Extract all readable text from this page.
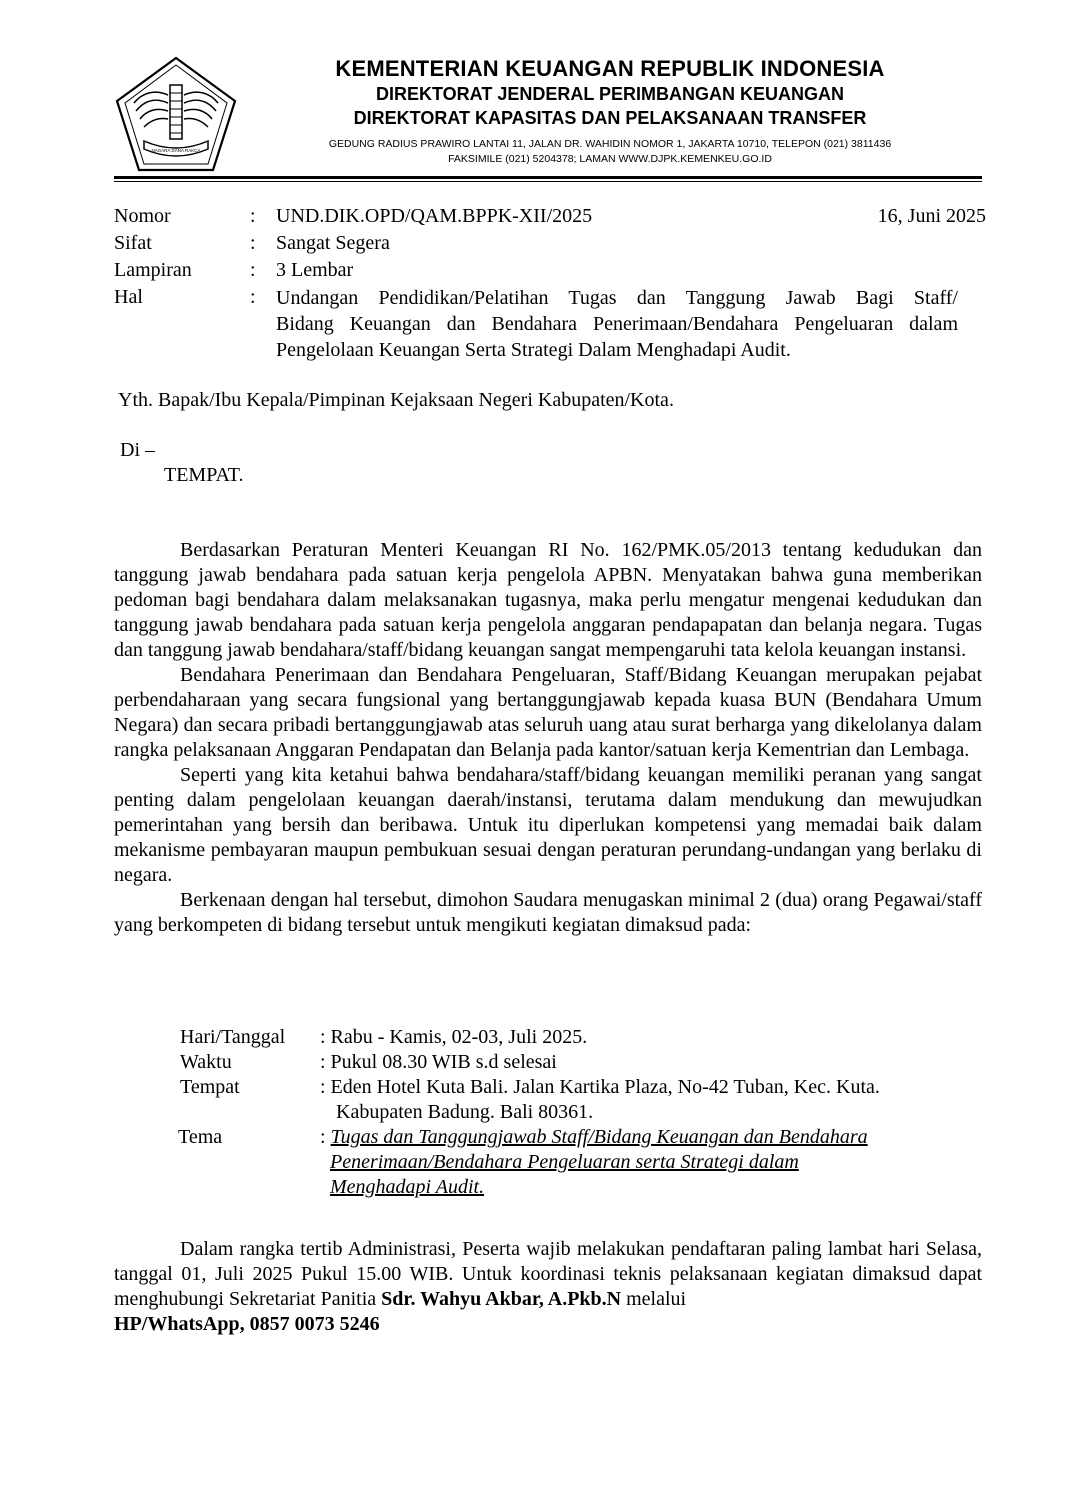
NAGARA DANA RAKCA
KEMENTERIAN KEUANGAN REPUBLIK INDONESIA
DIREKTORAT JENDERAL PERIMBANGAN KEUANGAN
DIREKTORAT KAPASITAS DAN PELAKSANAAN TRANSFER
GEDUNG RADIUS PRAWIRO LANTAI 11, JALAN DR. WAHIDIN NOMOR 1, JAKARTA 10710, TELEPON (021) 3811436
FAKSIMILE (021) 5204378; LAMAN WWW.DJPK.KEMENKEU.GO.ID
Nomor	: UND.DIK.OPD/QAM.BPPK-XII/2025	16, Juni 2025
Sifat	: Sangat Segera
Lampiran	: 3 Lembar
Hal	: Undangan Pendidikan/Pelatihan Tugas dan Tanggung Jawab Bagi Staff/
Bidang Keuangan dan Bendahara Penerimaan/Bendahara Pengeluaran dalam
Pengelolaan Keuangan Serta Strategi Dalam Menghadapi Audit.
Yth. Bapak/Ibu Kepala/Pimpinan Kejaksaan Negeri Kabupaten/Kota.
Di –
TEMPAT.

Berdasarkan Peraturan Menteri Keuangan RI No. 162/PMK.05/2013 tentang kedudukan dan tanggung jawab bendahara pada satuan kerja pengelola APBN. Menyatakan bahwa guna memberikan pedoman bagi bendahara dalam melaksanakan tugasnya, maka perlu mengatur mengenai kedudukan dan tanggung jawab bendahara pada satuan kerja pengelola anggaran pendapapatan dan belanja negara. Tugas dan tanggung jawab bendahara/staff/bidang keuangan sangat mempengaruhi tata kelola keuangan instansi.

Bendahara Penerimaan dan Bendahara Pengeluaran, Staff/Bidang Keuangan merupakan pejabat perbendaharaan yang secara fungsional yang bertanggungjawab kepada kuasa BUN (Bendahara Umum Negara) dan secara pribadi bertanggungjawab atas seluruh uang atau surat berharga yang dikelolanya dalam rangka pelaksanaan Anggaran Pendapatan dan Belanja pada kantor/satuan kerja Kementrian dan Lembaga.

Seperti yang kita ketahui bahwa bendahara/staff/bidang keuangan memiliki peranan yang sangat penting dalam pengelolaan keuangan daerah/instansi, terutama dalam mendukung dan mewujudkan pemerintahan yang bersih dan beribawa. Untuk itu diperlukan kompetensi yang memadai baik dalam mekanisme pembayaran maupun pembukuan sesuai dengan peraturan perundang-undangan yang berlaku di negara.

Berkenaan dengan hal tersebut, dimohon Saudara menugaskan minimal 2 (dua) orang Pegawai/staff yang berkompeten di bidang tersebut untuk mengikuti kegiatan dimaksud pada:

Hari/Tanggal : Rabu - Kamis, 02-03, Juli 2025.
Waktu	: Pukul 08.30 WIB s.d selesai
Tempat	: Eden Hotel Kuta Bali. Jalan Kartika Plaza, No-42 Tuban, Kec. Kuta.
Kabupaten Badung. Bali 80361.
Tema	: Tugas dan Tanggungjawab Staff/Bidang Keuangan dan Bendahara
Penerimaan/Bendahara Pengeluaran serta Strategi dalam
Menghadapi Audit.
Dalam rangka tertib Administrasi, Peserta wajib melakukan pendaftaran paling lambat hari Selasa, tanggal 01, Juli 2025 Pukul 15.00 WIB. Untuk koordinasi teknis pelaksanaan kegiatan dimaksud dapat menghubungi Sekretariat Panitia Sdr. Wahyu Akbar, A.Pkb.N melalui
HP/WhatsApp, 0857 0073 5246
